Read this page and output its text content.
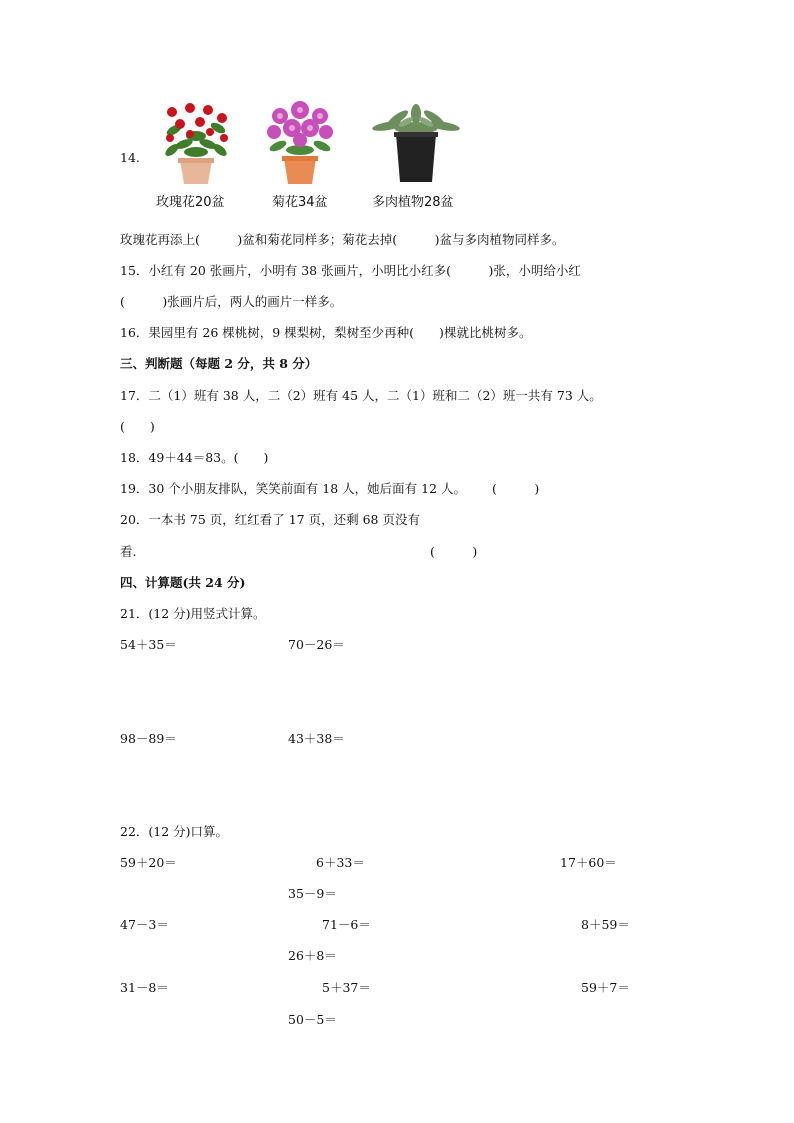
14.
玫瑰花20盆	菊花34盆	多肉植物28盆
玫瑰花再添上(　　　)盆和菊花同样多；菊花去掉(　　　)盆与多肉植物同样多。
15．小红有 20 张画片，小明有 38 张画片，小明比小红多(　　　)张，小明给小红
(　　　)张画片后，两人的画片一样多。
16．果园里有 26 棵桃树，9 棵梨树，梨树至少再种(　　)棵就比桃树多。
三、判断题（每题 2 分，共 8 分）
17．二（1）班有 38 人，二（2）班有 45 人，二（1）班和二（2）班一共有 73 人。
(　　)
18．49＋44＝83。(　　)
19．30 个小朋友排队，笑笑前面有 18 人，她后面有 12 人。 (　　　)
20．一本书 75 页，红红看了 17 页，还剩 68 页没有
看.	(　　　)
四、计算题(共 24 分)
21．(12 分)用竖式计算。
54＋35＝	70－26＝
98－89＝	43＋38＝
22．(12 分)口算。
59＋20＝	6＋33＝	17＋60＝
35－9＝
47－3＝	71－6＝	8＋59＝
26＋8＝
31－8＝	5＋37＝	59＋7＝
50－5＝
